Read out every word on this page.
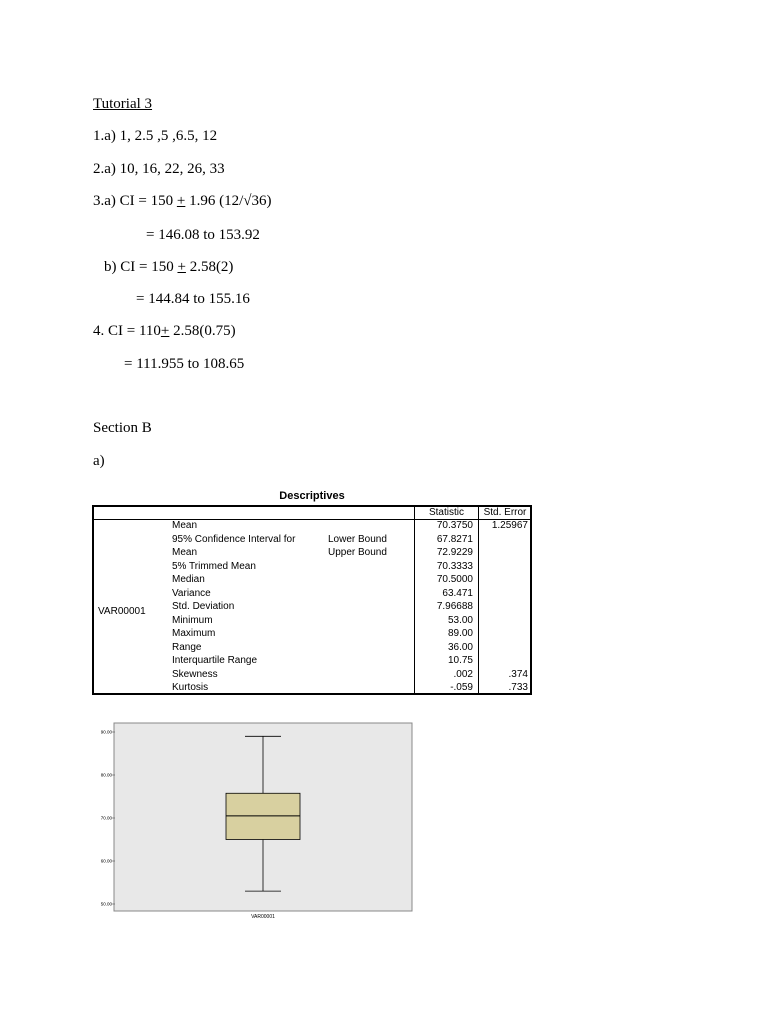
Tutorial 3
1.a) 1, 2.5 ,5 ,6.5, 12
2.a) 10, 16, 22, 26, 33
3.a) CI = 150 + 1.96 (12/√36)
= 146.08 to 153.92
b) CI = 150 + 2.58(2)
= 144.84 to 155.16
4. CI = 110+ 2.58(0.75)
= 111.955 to 108.65
Section B
a)
Descriptives
Statistic	Std. Error
VAR00001
Mean	70.3750	1.25967
95% Confidence Interval for	Lower Bound	67.8271
Mean	Upper Bound	72.9229
5% Trimmed Mean	70.3333
Median	70.5000
Variance	63.471
Std. Deviation	7.96688
Minimum	53.00
Maximum	89.00
Range	36.00
Interquartile Range	10.75
Skewness	.002	.374
Kurtosis	-.059	.733
90.00
80.00
70.00
60.00
50.00
VAR00001
